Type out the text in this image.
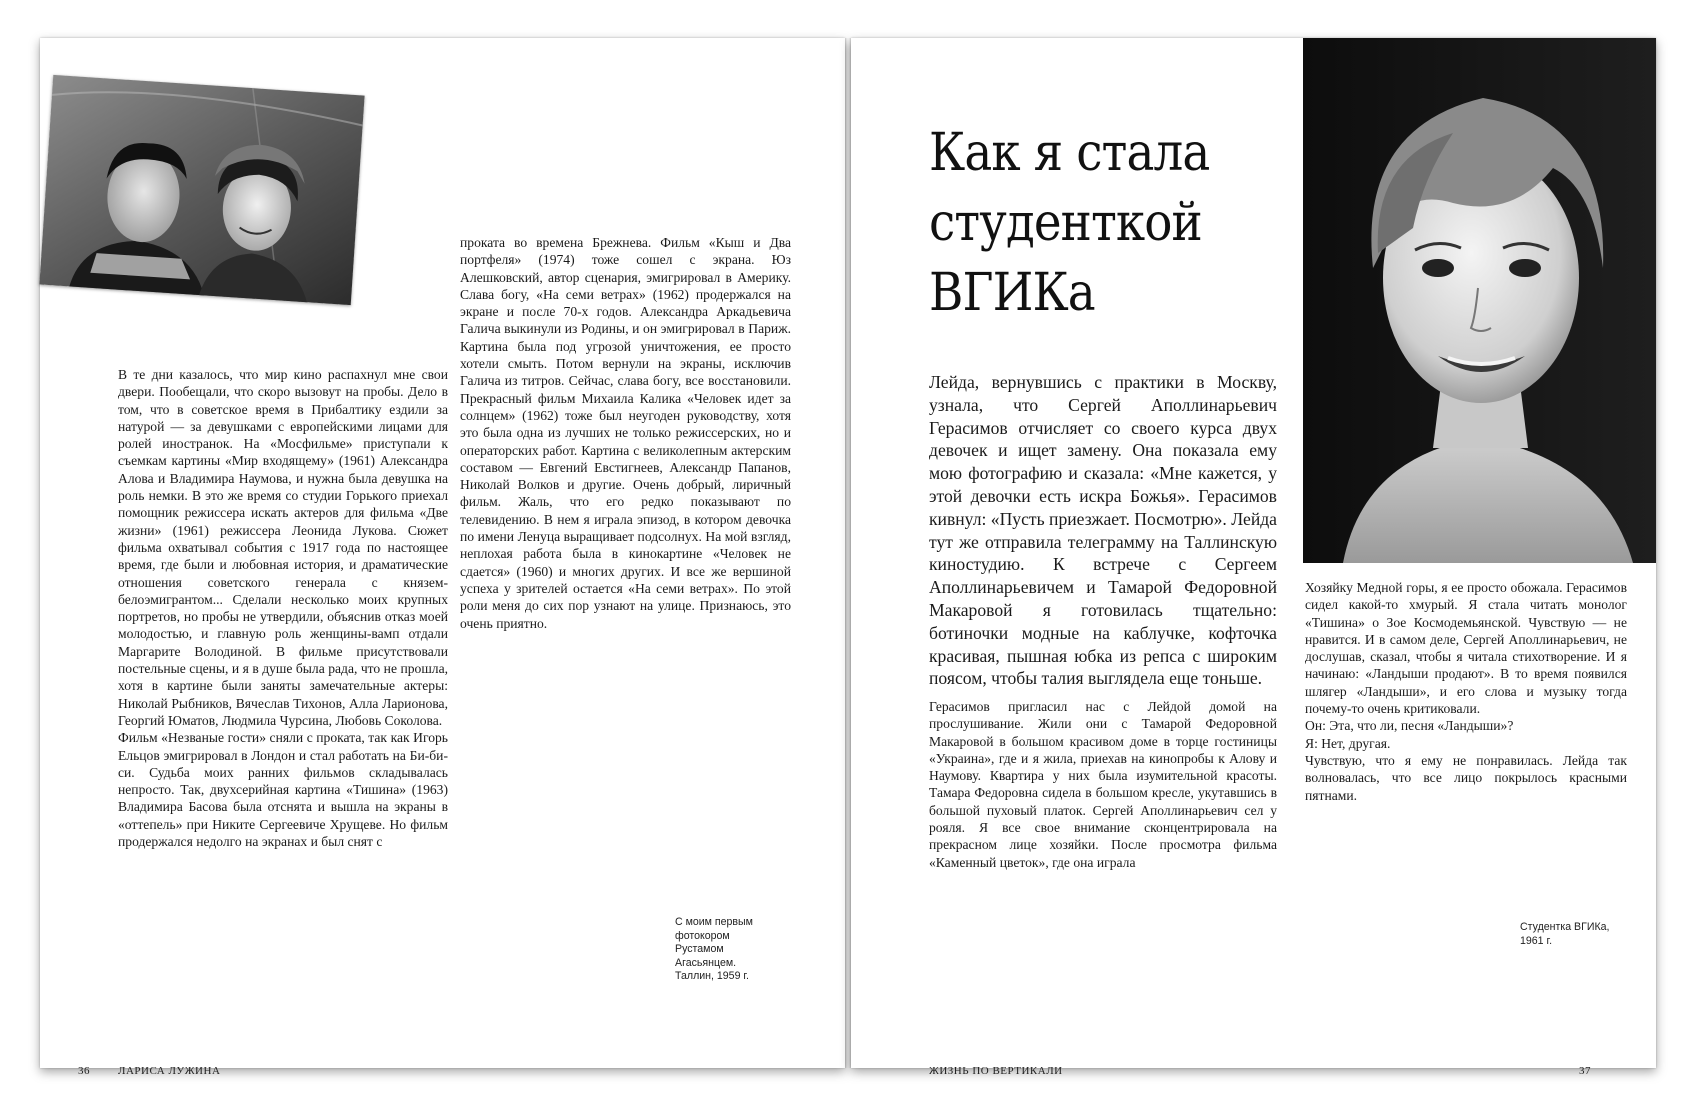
В те дни казалось, что мир кино распахнул мне свои двери. Пообещали, что скоро вызовут на пробы. Дело в том, что в советское время в Прибалтику ездили за натурой — за девушками с европейскими лицами для ролей иностранок. На «Мосфильме» приступали к съемкам картины «Мир входящему» (1961) Александра Алова и Владимира Наумова, и нужна была девушка на роль немки. В это же время со студии Горького приехал помощник режиссера искать актеров для фильма «Две жизни» (1961) режиссера Леонида Лукова. Сюжет фильма охватывал события с 1917 года по настоящее время, где были и любовная история, и драматические отношения советского генерала с князем-белоэмигрантом... Сделали несколько моих крупных портретов, но пробы не утвердили, объяснив отказ моей молодостью, и главную роль женщины-вамп отдали Маргарите Володиной. В фильме присутствовали постельные сцены, и я в душе была рада, что не прошла, хотя в картине были заняты замечательные актеры: Николай Рыбников, Вячеслав Тихонов, Алла Ларионова, Георгий Юматов, Людмила Чурсина, Любовь Соколова.

Фильм «Незваные гости» сняли с проката, так как Игорь Ельцов эмигрировал в Лондон и стал работать на Би-би-си. Судьба моих ранних фильмов складывалась непросто. Так, двухсерийная картина «Тишина» (1963) Владимира Басова была отснята и вышла на экраны в «оттепель» при Никите Сергеевиче Хрущеве. Но фильм продержался недолго на экранах и был снят с

проката во времена Брежнева. Фильм «Кыш и Два портфеля» (1974) тоже сошел с экрана. Юз Алешковский, автор сценария, эмигрировал в Америку. Слава богу, «На семи ветрах» (1962) продержался на экране и после 70-х годов. Александра Аркадьевича Галича выкинули из Родины, и он эмигрировал в Париж. Картина была под угрозой уничтожения, ее просто хотели смыть. Потом вернули на экраны, исключив Галича из титров. Сейчас, слава богу, все восстановили. Прекрасный фильм Михаила Калика «Человек идет за солнцем» (1962) тоже был неугоден руководству, хотя это была одна из лучших не только режиссерских, но и операторских работ. Картина с великолепным актерским составом — Евгений Евстигнеев, Александр Папанов, Николай Волков и другие. Очень добрый, лиричный фильм. Жаль, что его редко показывают по телевидению. В нем я играла эпизод, в котором девочка по имени Ленуца выращивает подсолнух. На мой взгляд, неплохая работа была в кинокартине «Человек не сдается» (1960) и многих других. И все же вершиной успеха у зрителей остается «На семи ветрах». По этой роли меня до сих пор узнают на улице. Признаюсь, это очень приятно.

С моим первым
фотокором
Рустамом
Агасьянцем.
Таллин, 1959 г.
36	ЛАРИСА ЛУЖИНА
Как я стала
студенткой
ВГИКа
Лейда, вернувшись с практики в Москву, узнала, что Сергей Аполлинарьевич Герасимов отчисляет со своего курса двух девочек и ищет замену. Она показала ему мою фотографию и сказала: «Мне кажется, у этой девочки есть искра Божья». Герасимов кивнул: «Пусть приезжает. Посмотрю». Лейда тут же отправила телеграмму на Таллинскую киностудию. К встрече с Сергеем Аполлинарьевичем и Тамарой Федоровной Макаровой я готовилась тщательно: ботиночки модные на каблучке, кофточка красивая, пышная юбка из репса с широким поясом, чтобы талия выглядела еще тоньше.

Герасимов пригласил нас с Лейдой домой на прослушивание. Жили они с Тамарой Федоровной Макаровой в большом красивом доме в торце гостиницы «Украина», где и я жила, приехав на кинопробы к Алову и Наумову. Квартира у них была изумительной красоты. Тамара Федоровна сидела в большом кресле, укутавшись в большой пуховый платок. Сергей Аполлинарьевич сел у рояля. Я все свое внимание сконцентрировала на прекрасном лице хозяйки. После просмотра фильма «Каменный цветок», где она играла

Хозяйку Медной горы, я ее просто обожала. Герасимов сидел какой-то хмурый. Я стала читать монолог «Тишина» о Зое Космодемьянской. Чувствую — не нравится. И в самом деле, Сергей Аполлинарьевич, не дослушав, сказал, чтобы я читала стихотворение. И я начинаю: «Ландыши продают». В то время появился шлягер «Ландыши», и его слова и музыку тогда почему-то очень критиковали.

Он: Эта, что ли, песня «Ландыши»?

Я: Нет, другая.

Чувствую, что я ему не понравилась. Лейда так волновалась, что все лицо покрылось красными пятнами.

Студентка ВГИКа,
1961 г.
ЖИЗНЬ ПО ВЕРТИКАЛИ	37
